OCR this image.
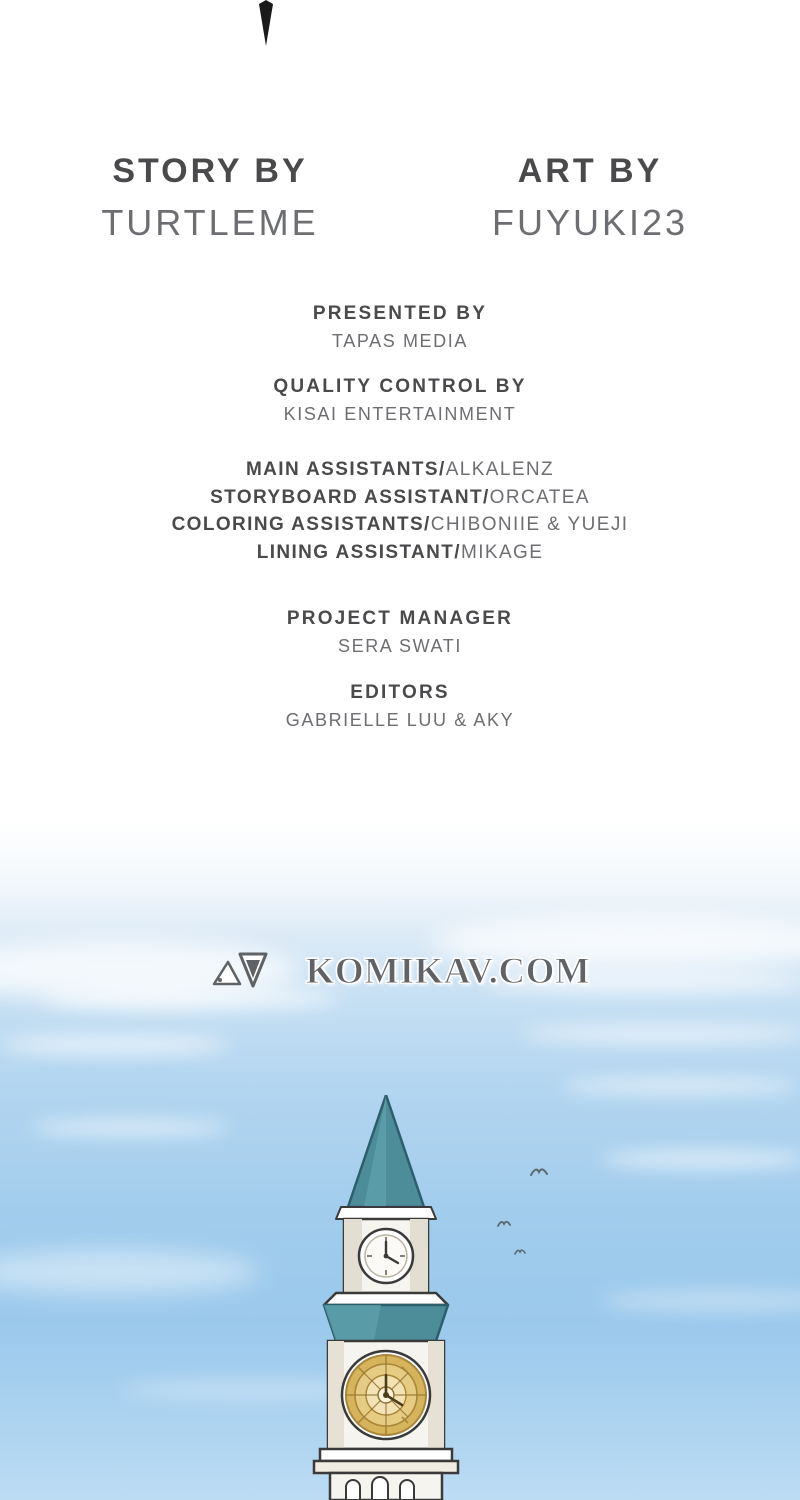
STORY BY
TURTLEME
ART BY
FUYUKI23
PRESENTED BY
TAPAS MEDIA
QUALITY CONTROL BY
KISAI ENTERTAINMENT
MAIN ASSISTANTS/ALKALENZ
STORYBOARD ASSISTANT/ORCATEA
COLORING ASSISTANTS/CHIBONIIE & YUEJI
LINING ASSISTANT/MIKAGE
PROJECT MANAGER
SERA SWATI
EDITORS
GABRIELLE LUU & AKY
KOMIKAV.COM
